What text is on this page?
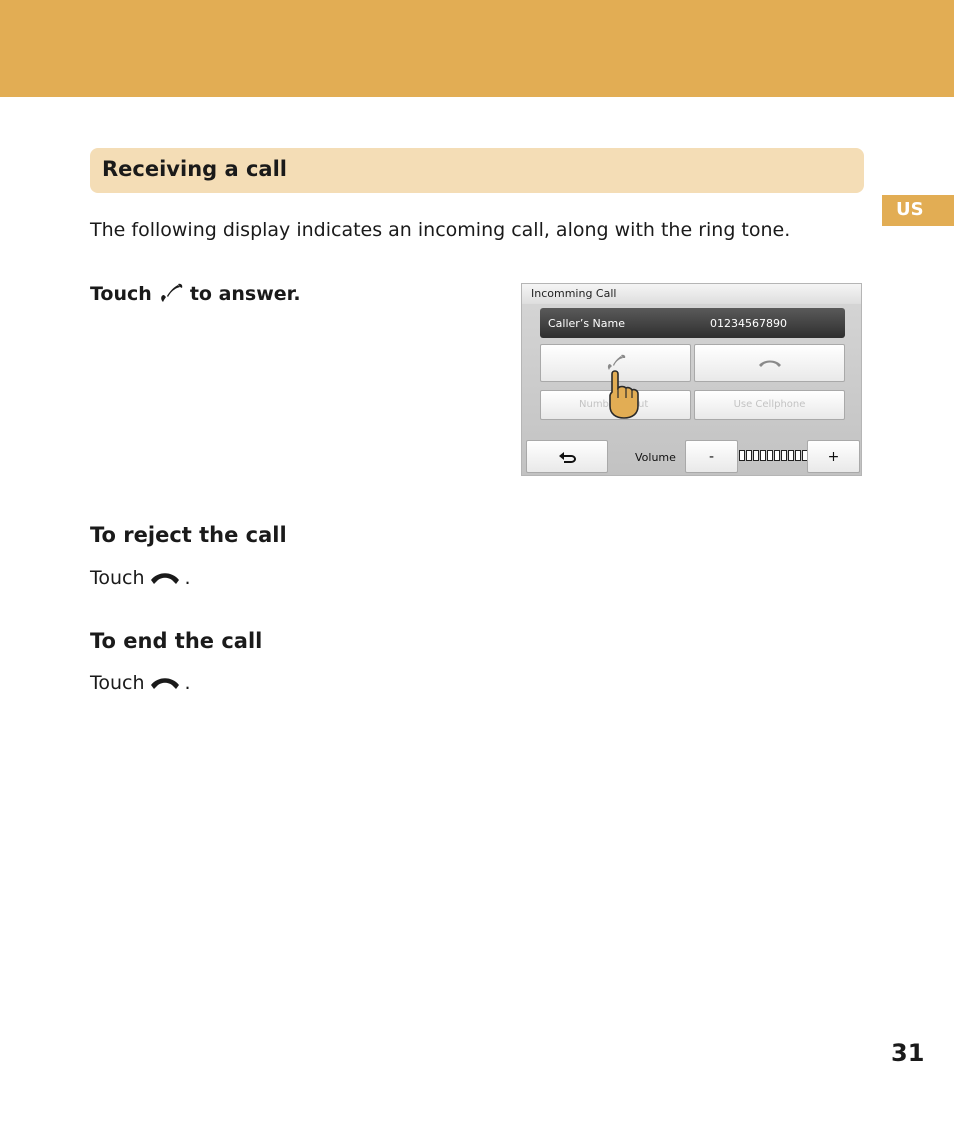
US
Receiving a call
The following display indicates an incoming call, along with the ring tone.
Touch to answer.	Incomming Call
Caller’s Name	01234567890
Numb	ut	Use Cellphone
Volume	-	+
To reject the call
Touch .
To end the call
Touch .
31
